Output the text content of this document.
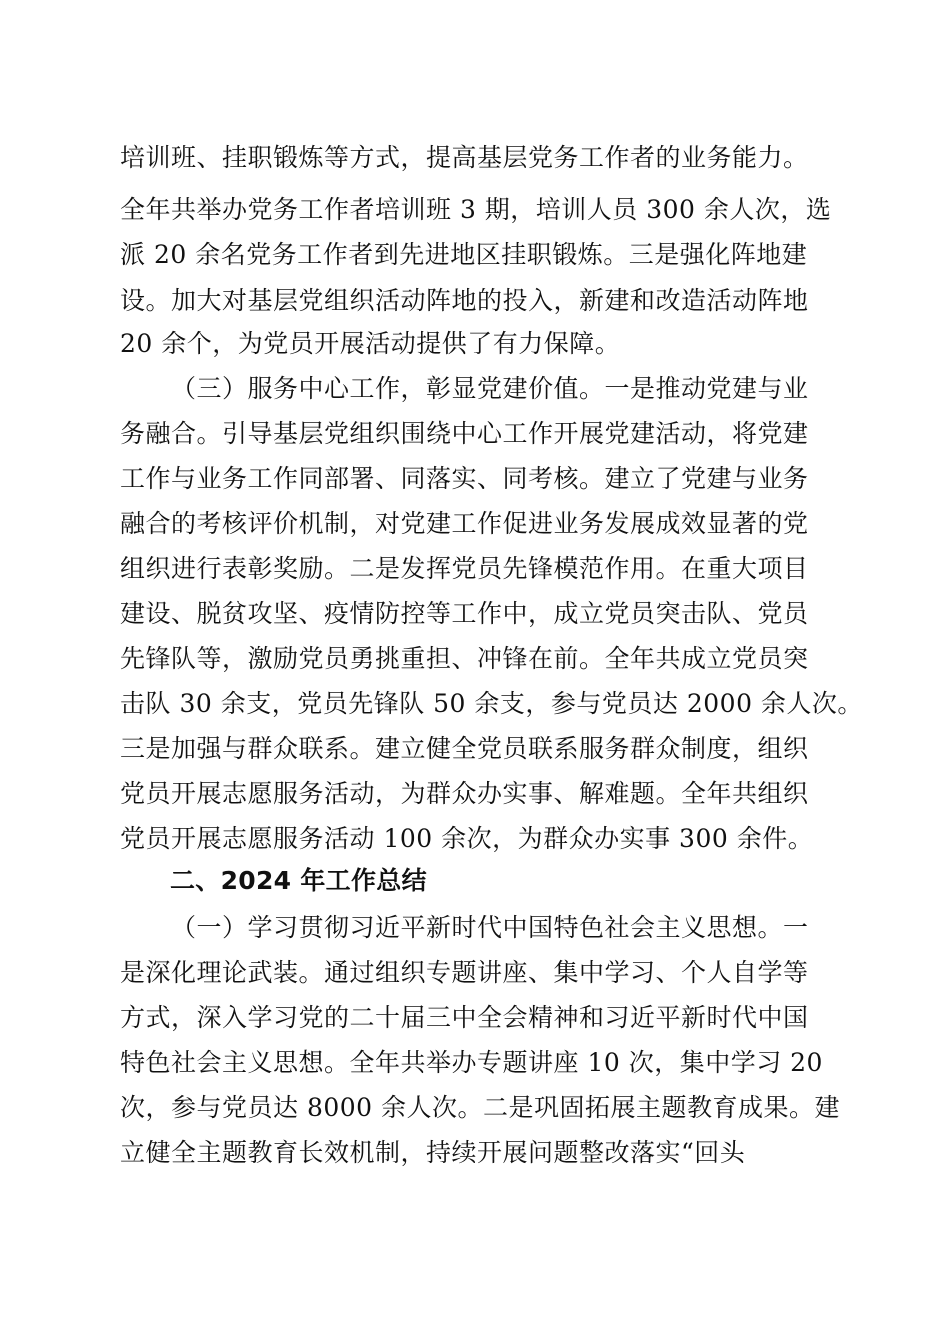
培训班、挂职锻炼等方式，提高基层党务工作者的业务能力。
全年共举办党务工作者培训班 3 期，培训人员 300 余人次，选
派 20 余名党务工作者到先进地区挂职锻炼。三是强化阵地建
设。加大对基层党组织活动阵地的投入，新建和改造活动阵地
20 余个，为党员开展活动提供了有力保障。
（三）服务中心工作，彰显党建价值。一是推动党建与业
务融合。引导基层党组织围绕中心工作开展党建活动，将党建
工作与业务工作同部署、同落实、同考核。建立了党建与业务
融合的考核评价机制，对党建工作促进业务发展成效显著的党
组织进行表彰奖励。二是发挥党员先锋模范作用。在重大项目
建设、脱贫攻坚、疫情防控等工作中，成立党员突击队、党员
先锋队等，激励党员勇挑重担、冲锋在前。全年共成立党员突
击队 30 余支，党员先锋队 50 余支，参与党员达 2000 余人次。
三是加强与群众联系。建立健全党员联系服务群众制度，组织
党员开展志愿服务活动，为群众办实事、解难题。全年共组织
党员开展志愿服务活动 100 余次，为群众办实事 300 余件。
二、2024 年工作总结
（一）学习贯彻习近平新时代中国特色社会主义思想。一
是深化理论武装。通过组织专题讲座、集中学习、个人自学等
方式，深入学习党的二十届三中全会精神和习近平新时代中国
特色社会主义思想。全年共举办专题讲座 10 次，集中学习 20
次，参与党员达 8000 余人次。二是巩固拓展主题教育成果。建
立健全主题教育长效机制，持续开展问题整改落实“回头
